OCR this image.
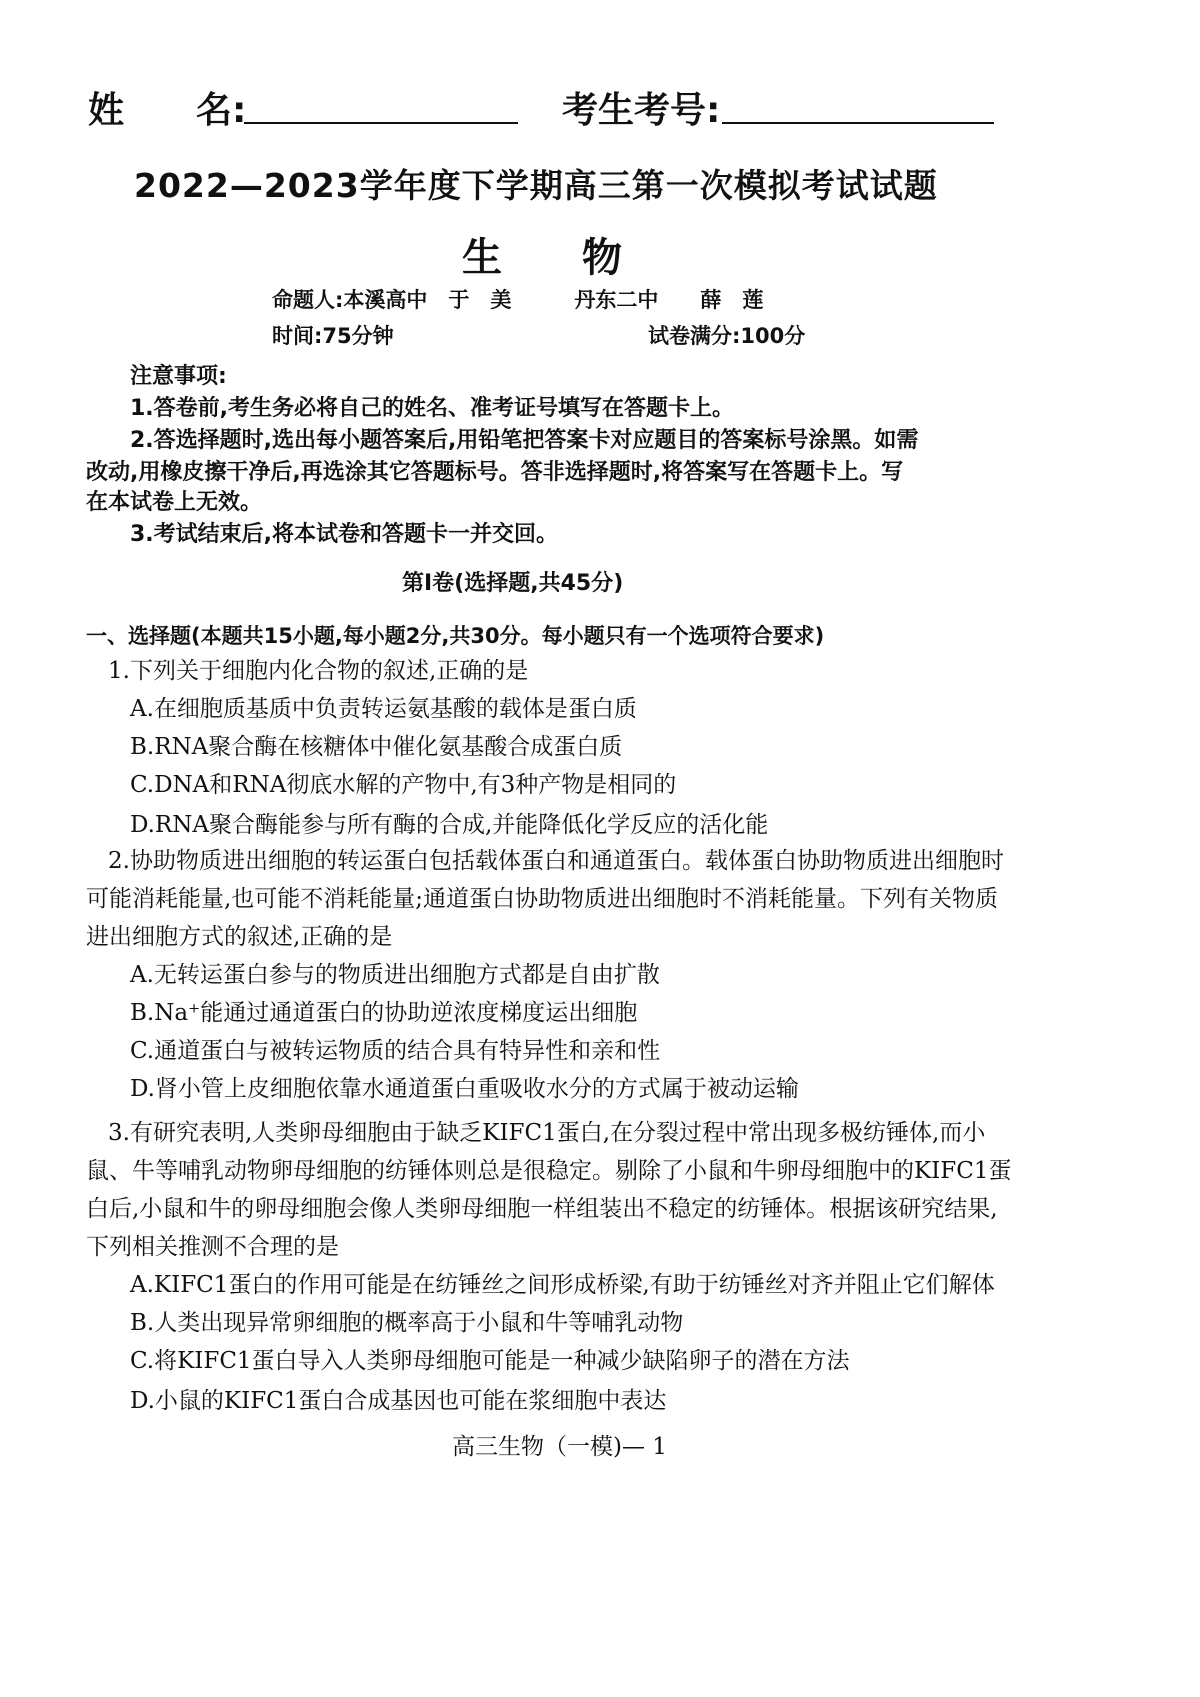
姓　　名:	考生考号:
2022—2023学年度下学期高三第一次模拟考试试题
生　　物
命题人:本溪高中　于　美　　　丹东二中　　薛　莲
时间:75分钟	试卷满分:100分
注意事项:
1.答卷前,考生务必将自己的姓名、准考证号填写在答题卡上。
2.答选择题时,选出每小题答案后,用铅笔把答案卡对应题目的答案标号涂黑。如需
改动,用橡皮擦干净后,再选涂其它答题标号。答非选择题时,将答案写在答题卡上。写
在本试卷上无效。
3.考试结束后,将本试卷和答题卡一并交回。
第Ⅰ卷(选择题,共45分)
一、选择题(本题共15小题,每小题2分,共30分。每小题只有一个选项符合要求)
1.下列关于细胞内化合物的叙述,正确的是
A.在细胞质基质中负责转运氨基酸的载体是蛋白质
B.RNA聚合酶在核糖体中催化氨基酸合成蛋白质
C.DNA和RNA彻底水解的产物中,有3种产物是相同的
D.RNA聚合酶能参与所有酶的合成,并能降低化学反应的活化能
2.协助物质进出细胞的转运蛋白包括载体蛋白和通道蛋白。载体蛋白协助物质进出细胞时
可能消耗能量,也可能不消耗能量;通道蛋白协助物质进出细胞时不消耗能量。下列有关物质
进出细胞方式的叙述,正确的是
A.无转运蛋白参与的物质进出细胞方式都是自由扩散
B.Na⁺能通过通道蛋白的协助逆浓度梯度运出细胞
C.通道蛋白与被转运物质的结合具有特异性和亲和性
D.肾小管上皮细胞依靠水通道蛋白重吸收水分的方式属于被动运输
3.有研究表明,人类卵母细胞由于缺乏KIFC1蛋白,在分裂过程中常出现多极纺锤体,而小
鼠、牛等哺乳动物卵母细胞的纺锤体则总是很稳定。剔除了小鼠和牛卵母细胞中的KIFC1蛋
白后,小鼠和牛的卵母细胞会像人类卵母细胞一样组装出不稳定的纺锤体。根据该研究结果,
下列相关推测不合理的是
A.KIFC1蛋白的作用可能是在纺锤丝之间形成桥梁,有助于纺锤丝对齐并阻止它们解体
B.人类出现异常卵细胞的概率高于小鼠和牛等哺乳动物
C.将KIFC1蛋白导入人类卵母细胞可能是一种减少缺陷卵子的潜在方法
D.小鼠的KIFC1蛋白合成基因也可能在浆细胞中表达
高三生物（一模)— 1
